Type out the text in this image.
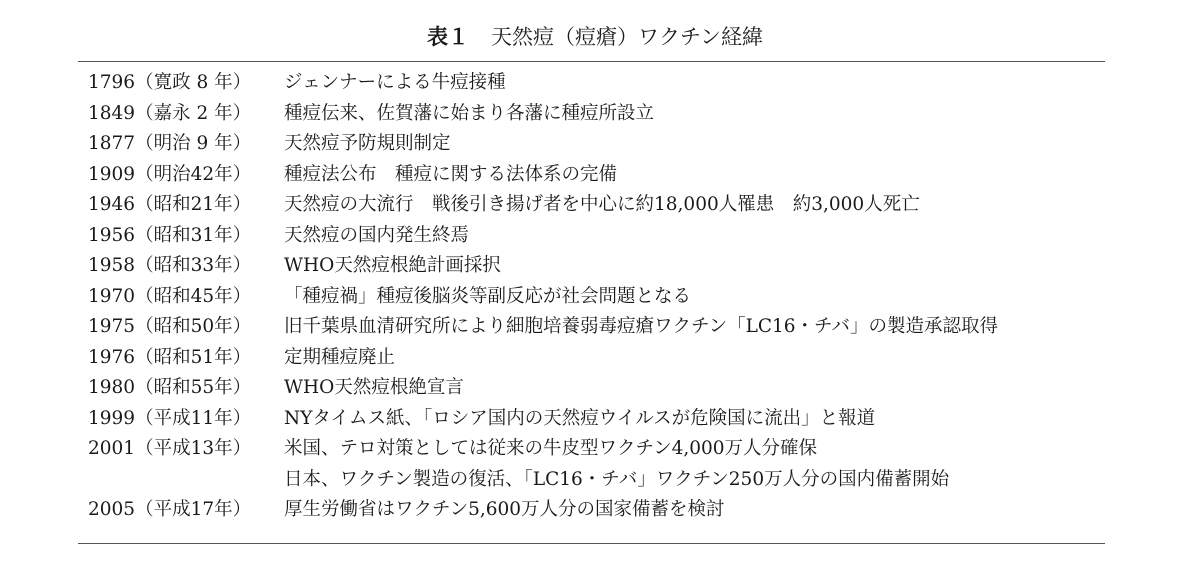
表１ 天然痘（痘瘡）ワクチン経緯
1796（寛政 8 年）	ジェンナーによる牛痘接種
1849（嘉永 2 年）	種痘伝来、佐賀藩に始まり各藩に種痘所設立
1877（明治 9 年）	天然痘予防規則制定
1909（明治42年）	種痘法公布　種痘に関する法体系の完備
1946（昭和21年）	天然痘の大流行　戦後引き揚げ者を中心に約18,000人罹患　約3,000人死亡
1956（昭和31年）	天然痘の国内発生終焉
1958（昭和33年）	WHO天然痘根絶計画採択
1970（昭和45年）	「種痘禍」種痘後脳炎等副反応が社会問題となる
1975（昭和50年）	旧千葉県血清研究所により細胞培養弱毒痘瘡ワクチン「LC16・チバ」の製造承認取得
1976（昭和51年）	定期種痘廃止
1980（昭和55年）	WHO天然痘根絶宣言
1999（平成11年）	NYタイムス紙、「ロシア国内の天然痘ウイルスが危険国に流出」と報道
2001（平成13年）	米国、テロ対策としては従来の牛皮型ワクチン4,000万人分確保
日本、ワクチン製造の復活、「LC16・チバ」ワクチン250万人分の国内備蓄開始
2005（平成17年）	厚生労働省はワクチン5,600万人分の国家備蓄を検討
